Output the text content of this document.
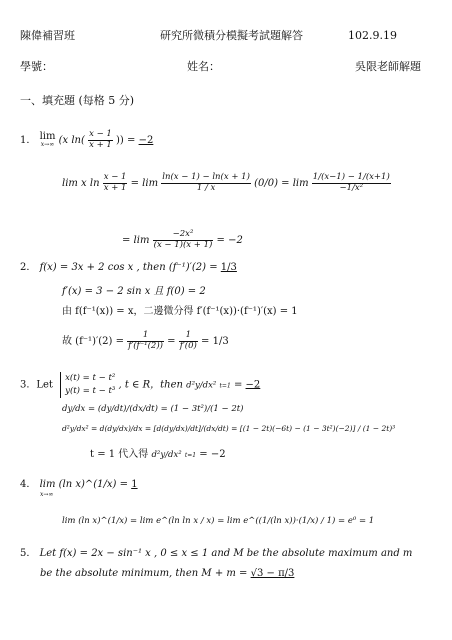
陳偉補習班	研究所微積分模擬考試題解答	102.9.19
學號：	姓名：	吳限老師解題
一、填充題 (每格 5 分)
1． lim
x→∞ (x $\ln( \frac{x - 1}{x + 1}$ )) = −2
lim x $\ln \frac{x - 1}{x + 1} = \lim \frac{\ln(x - 1) - \ln(x + 1)}{1 / x} (0/0) = \lim \frac{1/(x-1) - 1/(x+1)}{\text{−1/x²}}$
= $\lim \frac{\text{−2x²}}{(x - 1)(x + 1)} = -2$
2． f(x) = 3x + 2 cos x , then (f⁻¹)′(2) = 1/3
f′(x) = 3 − 2 sin x 且 f(0) = 2
由 f(f⁻¹(x)) = x，二邊微分得 f′(f⁻¹(x))·(f⁻¹)′(x) = 1
故 $(f^{-1})'(2) = \frac{1}{\text{f′(f⁻¹(2))}} = \frac{1}{f'(0)} = 1/3$
3．Let
x(t) = t − t²
y(t) = t − t³
, t ∈ R，then d²y/dx² t=1 = −2
dy/dx = (dy/dt)/(dx/dt) = (1 − 3t²)/(1 − 2t)
d²y/dx² = d(dy/dx)/dx = [d(dy/dx)/dt]/(dx/dt) = [(1 − 2t)(−6t) − (1 − 3t²)(−2)] / (1 − 2t)³
t = 1 代入得 d²y/dx² t=1 = −2
4． lim (ln x)^(1/x) = 1
x→∞
lim (ln x)^(1/x) = lim e^(ln ln x / x) = lim e^((1/(ln x))·(1/x) / 1) = e⁰ = 1
5． Let f(x) = 2x − sin⁻¹ x , 0 ≤ x ≤ 1 and M be the absolute maximum and m
be the absolute minimum, then M + m = √3 − π/3
